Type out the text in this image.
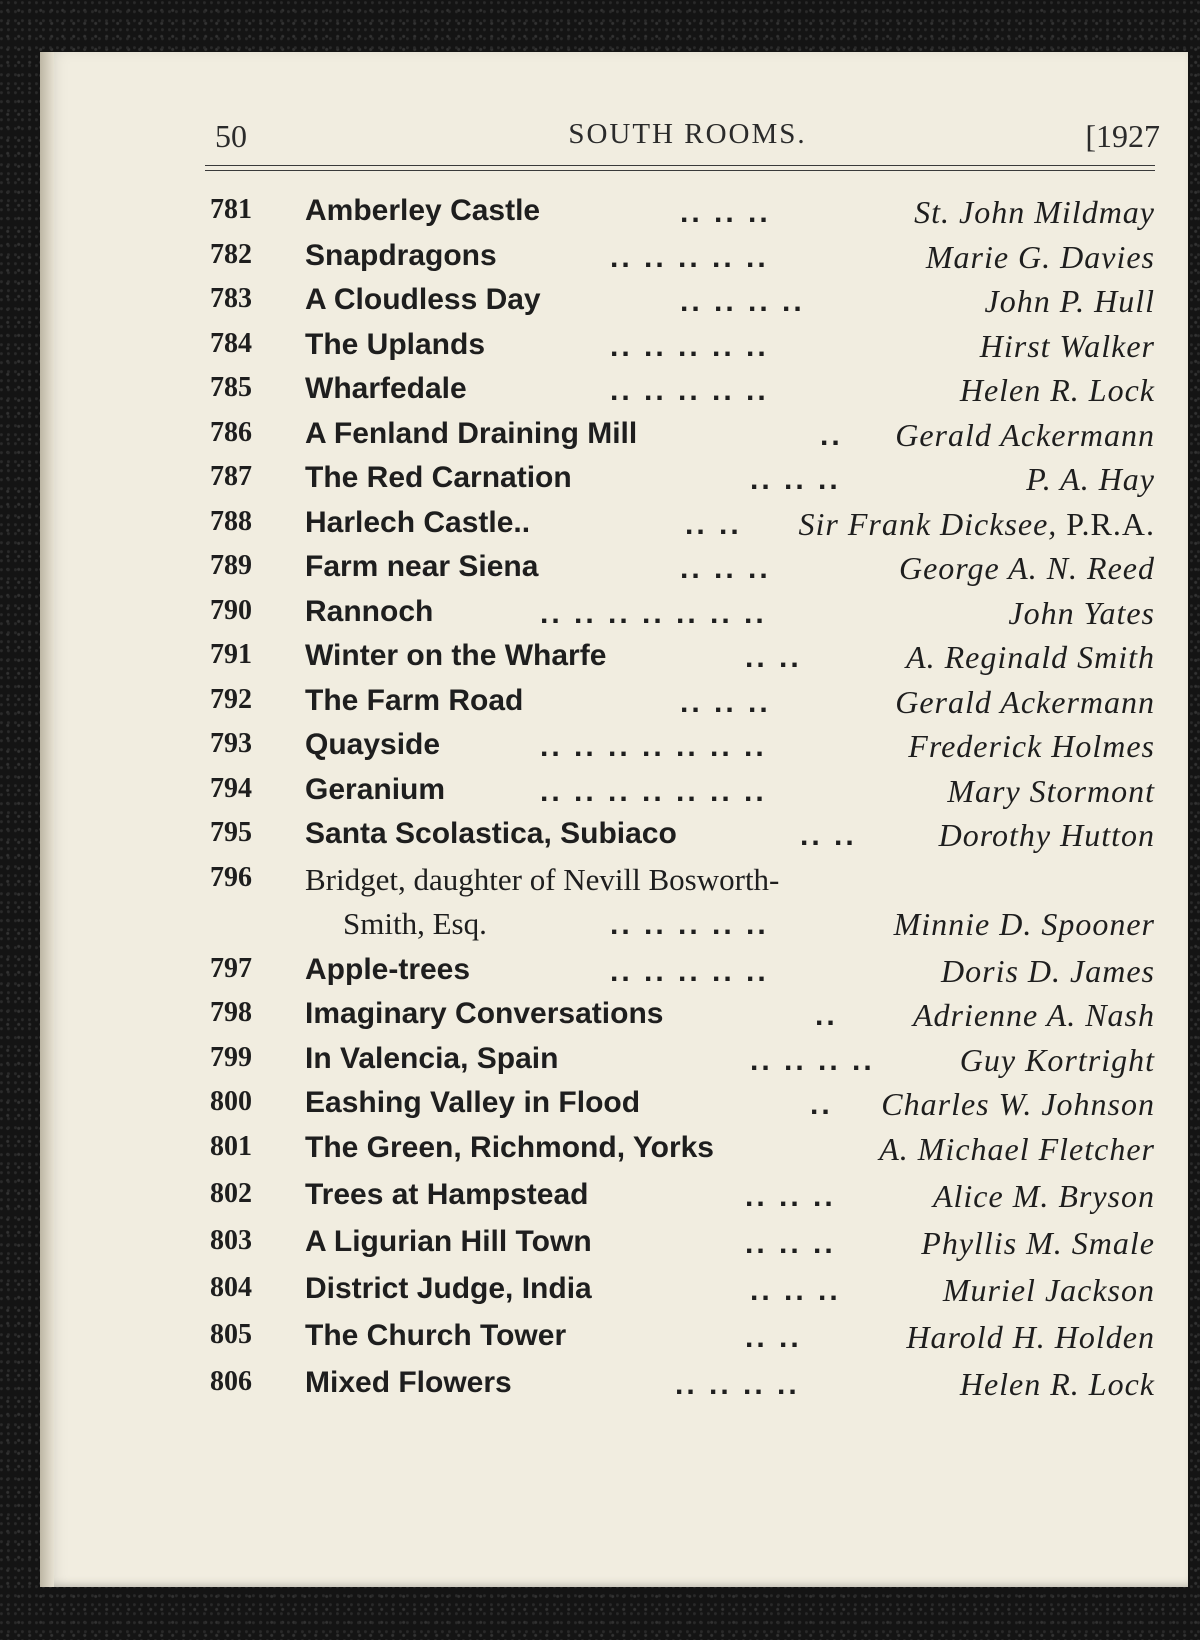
50	SOUTH ROOMS.	[1927
781 Amberley Castle	.. .. ..	St. John Mildmay
782 Snapdragons	.. .. .. .. ..	Marie G. Davies
783 A Cloudless Day	.. .. .. ..	John P. Hull
784 The Uplands	.. .. .. .. ..	Hirst Walker
785 Wharfedale	.. .. .. .. ..	Helen R. Lock
786 A Fenland Draining Mill	.. Gerald Ackermann
787 The Red Carnation	.. .. ..	P. A. Hay
788 Harlech Castle..	.. .. Sir Frank Dicksee, P.R.A.
789 Farm near Siena	.. .. ..	George A. N. Reed
790 Rannoch	.. .. .. .. .. .. ..	John Yates
791 Winter on the Wharfe	.. ..	A. Reginald Smith
792 The Farm Road	.. .. ..	Gerald Ackermann
793 Quayside	.. .. .. .. .. .. ..	Frederick Holmes
794 Geranium	.. .. .. .. .. .. ..	Mary Stormont
795 Santa Scolastica, Subiaco	.. ..	Dorothy Hutton
796 Bridget, daughter of Nevill Bosworth-
Smith, Esq.	.. .. .. .. ..	Minnie D. Spooner
797 Apple-trees	.. .. .. .. ..	Doris D. James
798 Imaginary Conversations	.. Adrienne A. Nash
799 In Valencia, Spain	.. .. .. ..	Guy Kortright
800 Eashing Valley in Flood	.. Charles W. Johnson
801 The Green, Richmond, Yorks	A. Michael Fletcher
802 Trees at Hampstead	.. .. ..	Alice M. Bryson
803 A Ligurian Hill Town	.. .. ..	Phyllis M. Smale
804 District Judge, India	.. .. ..	Muriel Jackson
805 The Church Tower	.. ..	Harold H. Holden
806 Mixed Flowers	.. .. .. ..	Helen R. Lock
